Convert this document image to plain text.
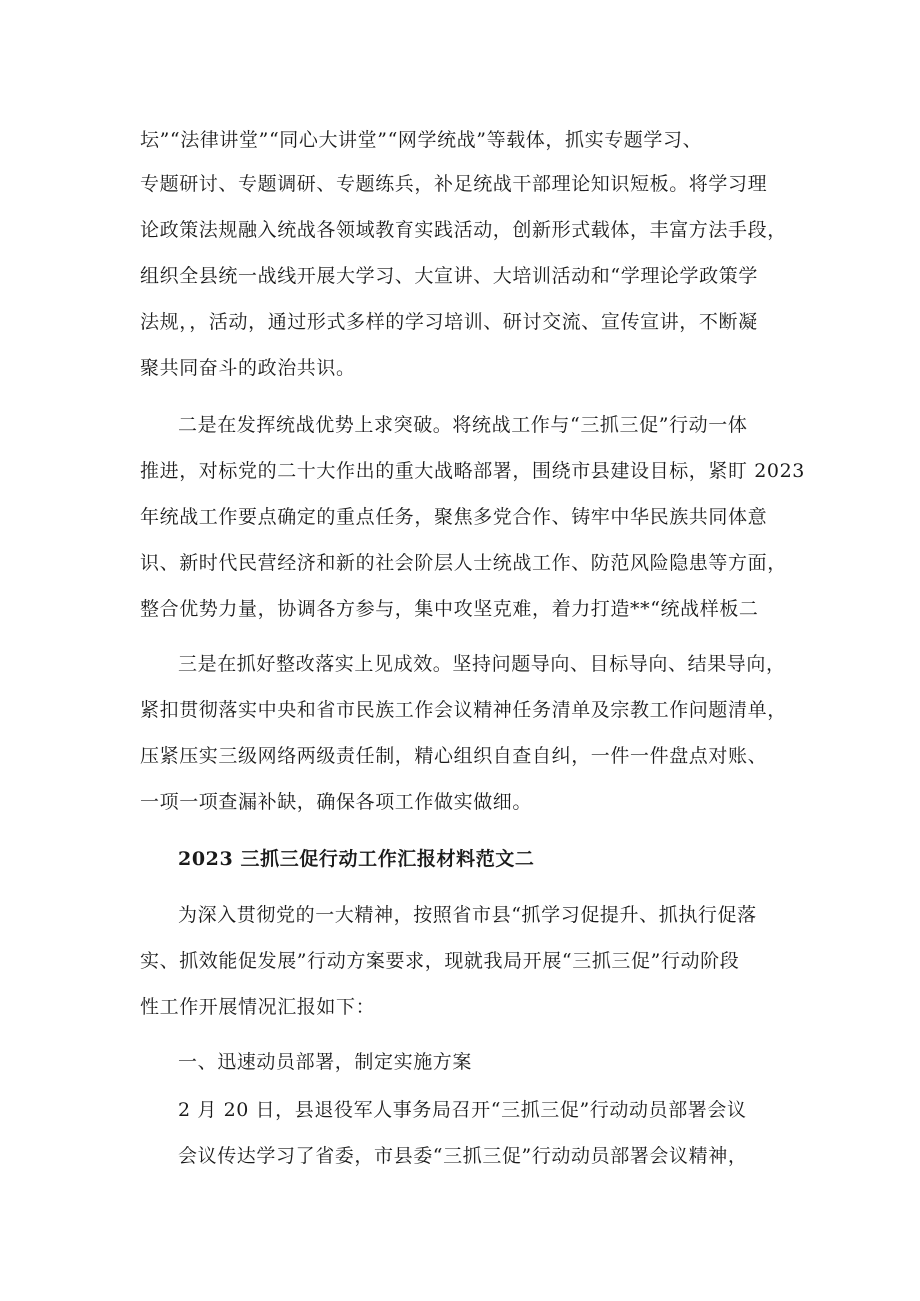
坛”“法律讲堂”“同心大讲堂”“网学统战”等载体，抓实专题学习、
专题研讨、专题调研、专题练兵，补足统战干部理论知识短板。将学习理
论政策法规融入统战各领域教育实践活动，创新形式载体，丰富方法手段，
组织全县统一战线开展大学习、大宣讲、大培训活动和“学理论学政策学
法规，，活动，通过形式多样的学习培训、研讨交流、宣传宣讲，不断凝
聚共同奋斗的政治共识。
二是在发挥统战优势上求突破。将统战工作与“三抓三促”行动一体
推进，对标党的二十大作出的重大战略部署，围绕市县建设目标，紧盯 2023
年统战工作要点确定的重点任务，聚焦多党合作、铸牢中华民族共同体意
识、新时代民营经济和新的社会阶层人士统战工作、防范风险隐患等方面，
整合优势力量，协调各方参与，集中攻坚克难，着力打造**“统战样板二
三是在抓好整改落实上见成效。坚持问题导向、目标导向、结果导向，
紧扣贯彻落实中央和省市民族工作会议精神任务清单及宗教工作问题清单，
压紧压实三级网络两级责任制，精心组织自查自纠，一件一件盘点对账、
一项一项查漏补缺，确保各项工作做实做细。
2023 三抓三促行动工作汇报材料范文二
为深入贯彻党的一大精神，按照省市县“抓学习促提升、抓执行促落
实、抓效能促发展”行动方案要求，现就我局开展“三抓三促”行动阶段
性工作开展情况汇报如下：
一、迅速动员部署，制定实施方案
2 月 20 日，县退役军人事务局召开“三抓三促”行动动员部署会议
会议传达学习了省委，市县委“三抓三促”行动动员部署会议精神，
